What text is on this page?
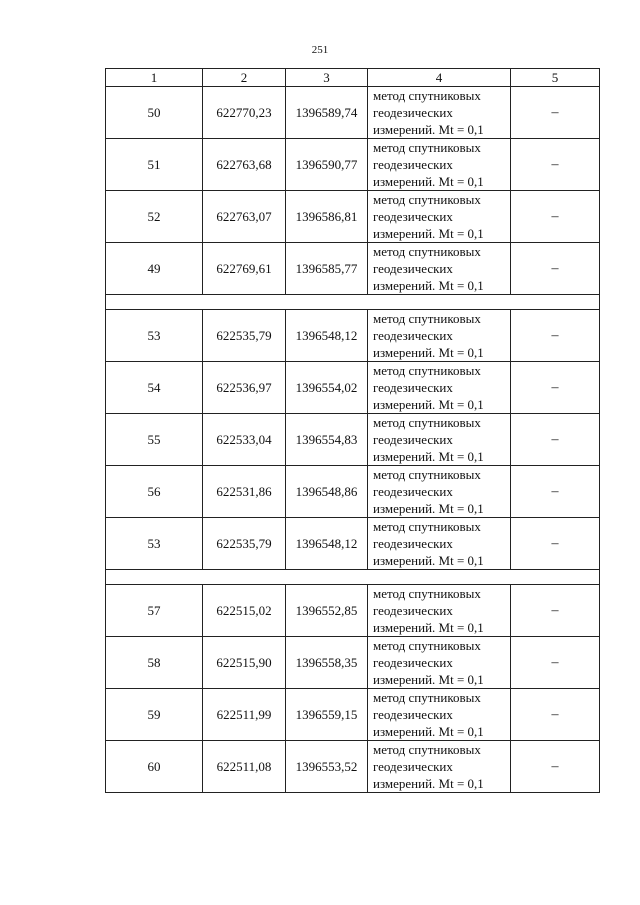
251
1	2	3	4	5
50	622770,23	1396589,74	метод спутниковых
геодезических
измерений. Mt = 0,1	–
51	622763,68	1396590,77	метод спутниковых
геодезических
измерений. Mt = 0,1	–
52	622763,07	1396586,81	метод спутниковых
геодезических
измерений. Mt = 0,1	–
49	622769,61	1396585,77	метод спутниковых
геодезических
измерений. Mt = 0,1	–

53	622535,79	1396548,12	метод спутниковых
геодезических
измерений. Mt = 0,1	–
54	622536,97	1396554,02	метод спутниковых
геодезических
измерений. Mt = 0,1	–
55	622533,04	1396554,83	метод спутниковых
геодезических
измерений. Mt = 0,1	–
56	622531,86	1396548,86	метод спутниковых
геодезических
измерений. Mt = 0,1	–
53	622535,79	1396548,12	метод спутниковых
геодезических
измерений. Mt = 0,1	–

57	622515,02	1396552,85	метод спутниковых
геодезических
измерений. Mt = 0,1	–
58	622515,90	1396558,35	метод спутниковых
геодезических
измерений. Mt = 0,1	–
59	622511,99	1396559,15	метод спутниковых
геодезических
измерений. Mt = 0,1	–
60	622511,08	1396553,52	метод спутниковых
геодезических
измерений. Mt = 0,1	–
